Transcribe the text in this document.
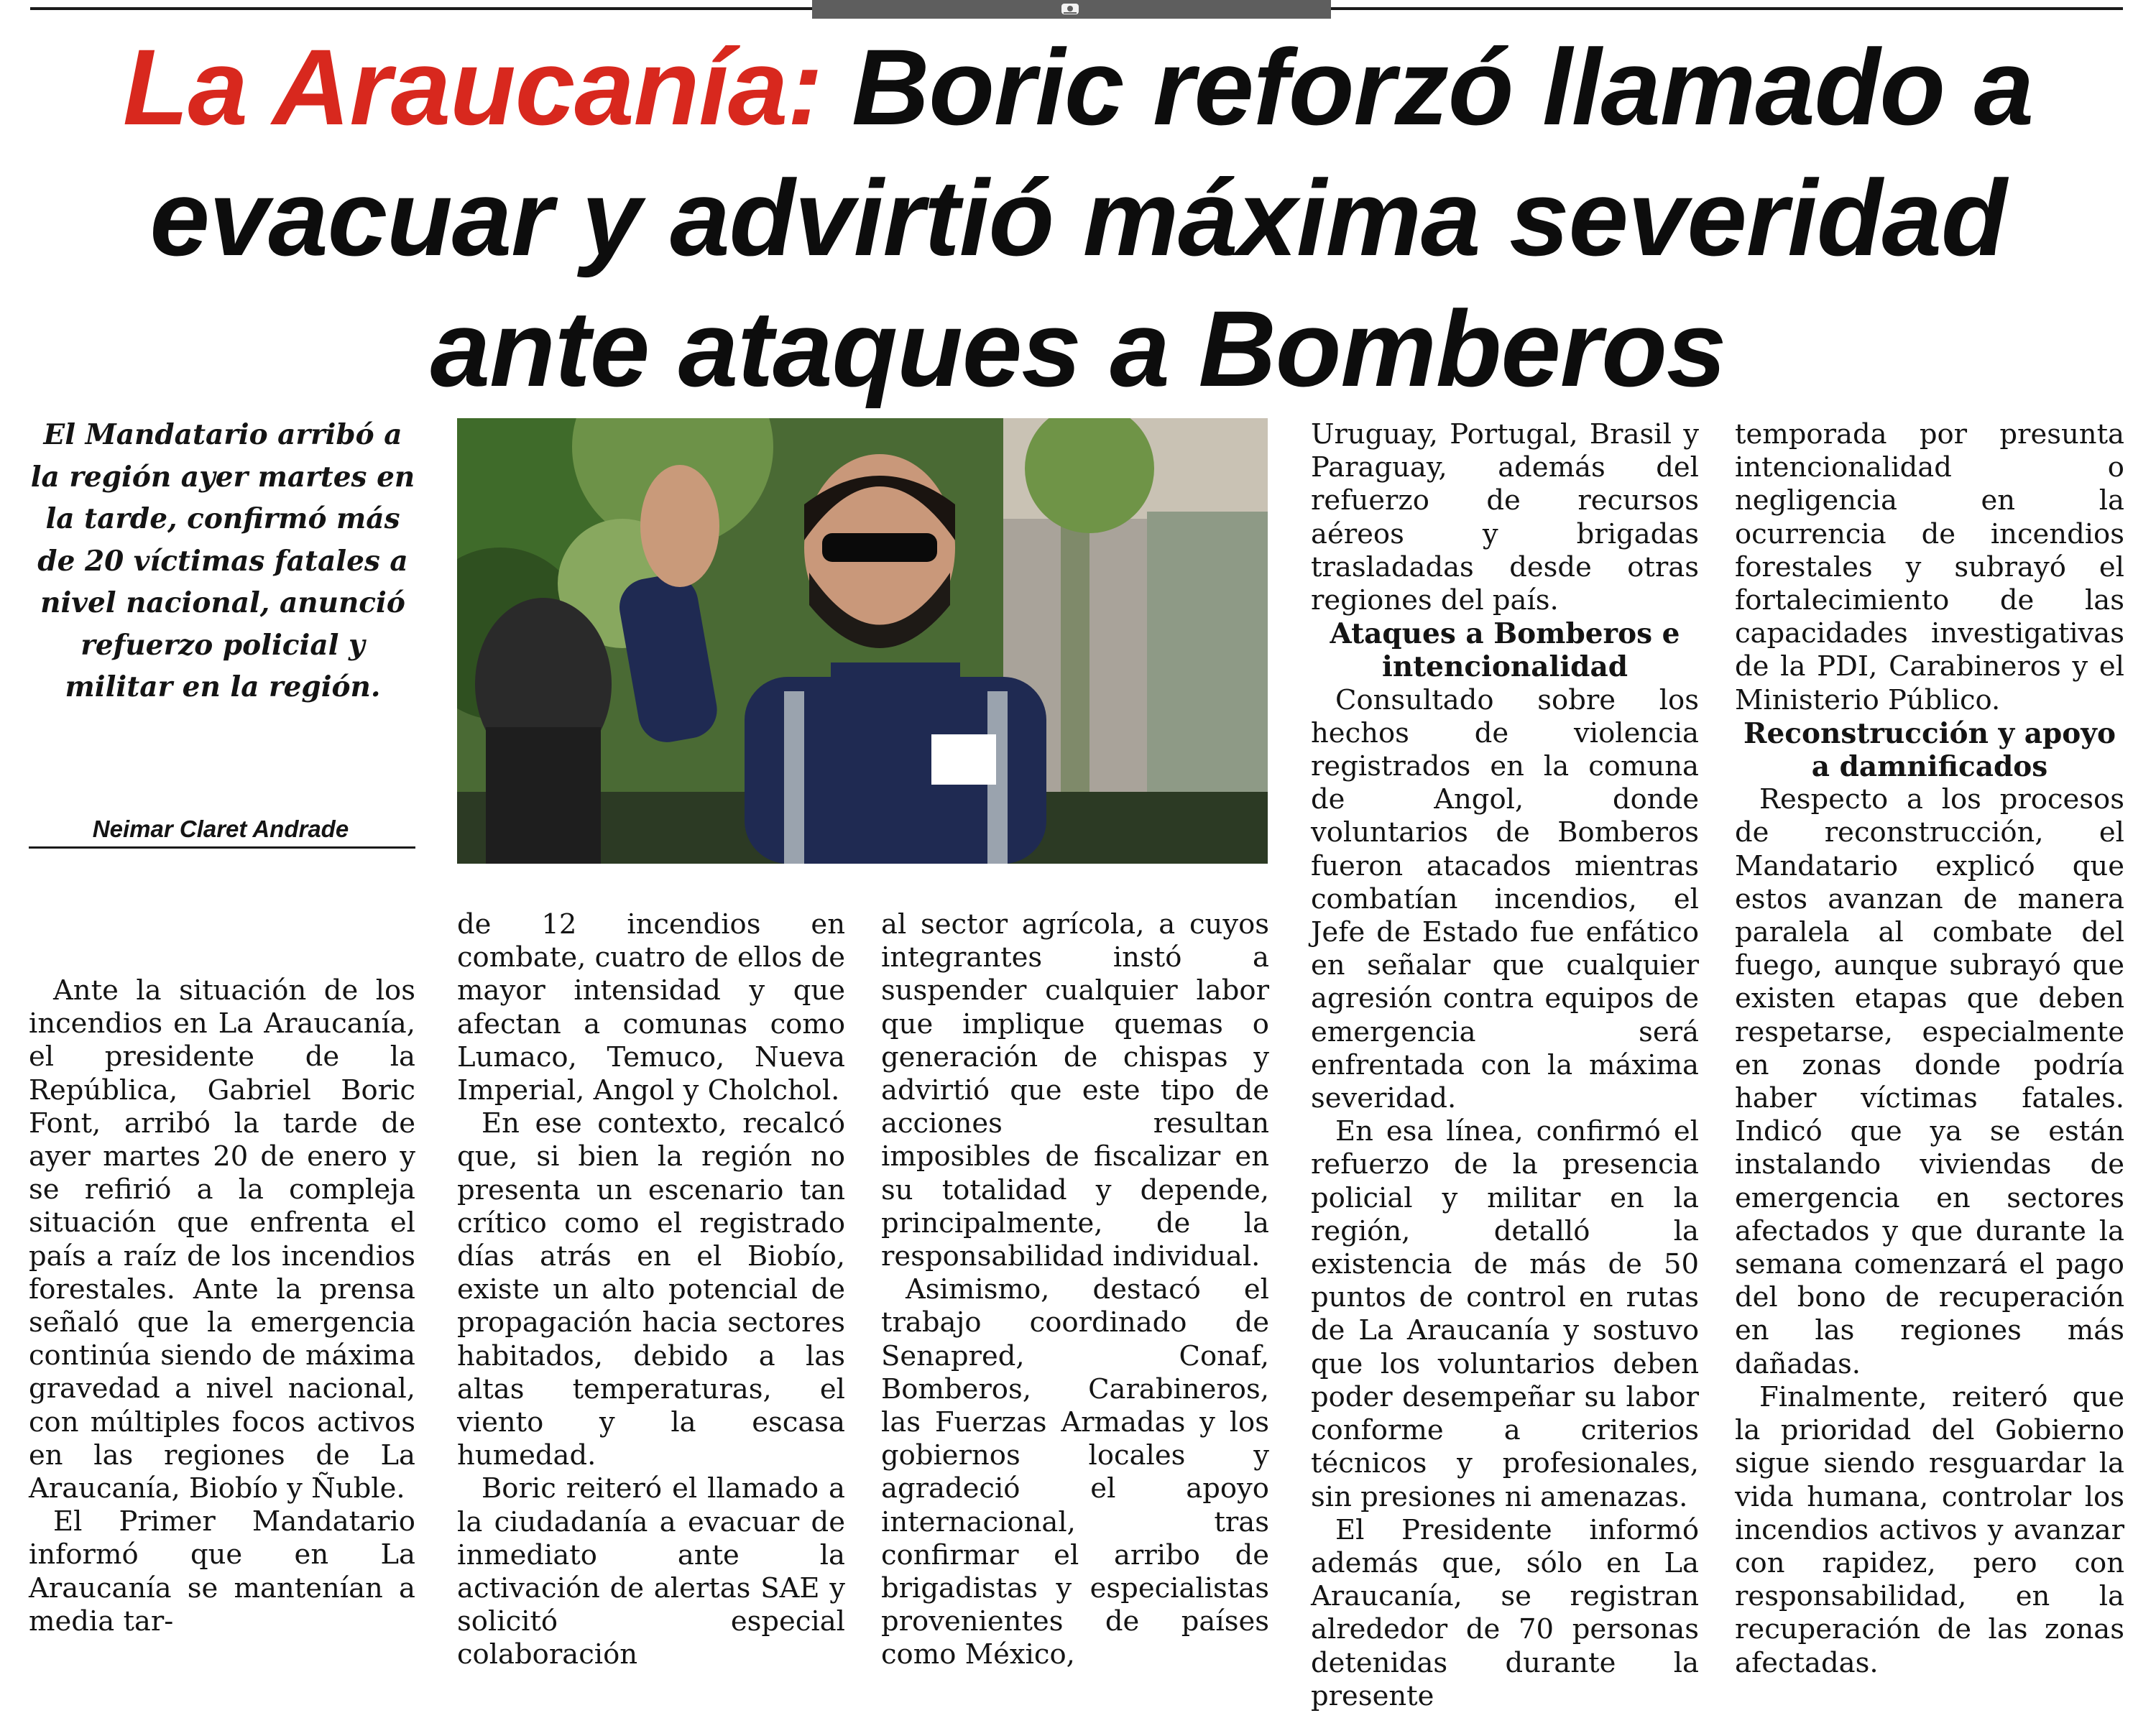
La Araucanía: Boric reforzó llamado a evacuar y advirtió máxima severidad ante ataques a Bomberos

El Mandatario arribó a la región ayer martes en la tarde, confirmó más de 20 víctimas fatales a nivel nacional, anunció refuerzo policial y militar en la región.

Neimar Claret Andrade

Ante la situación de los incendios en La Araucanía, el presidente de la República, Gabriel Boric Font, arribó la tarde de ayer martes 20 de enero y se refirió a la compleja situación que enfrenta el país a raíz de los incendios forestales. Ante la prensa señaló que la emergencia continúa siendo de máxima gravedad a nivel nacional, con múltiples focos activos en las regiones de La Araucanía, Biobío y Ñuble.

El Primer Mandatario informó que en La Araucanía se mantenían a media tar-

de 12 incendios en combate, cuatro de ellos de mayor intensidad y que afectan a comunas como Lumaco, Temuco, Nueva Imperial, Angol y Cholchol.

En ese contexto, recalcó que, si bien la región no presenta un escenario tan crítico como el registrado días atrás en el Biobío, existe un alto potencial de propagación hacia sectores habitados, debido a las altas temperaturas, el viento y la escasa humedad.

Boric reiteró el llamado a la ciudadanía a evacuar de inmediato ante la activación de alertas SAE y solicitó especial colaboración

al sector agrícola, a cuyos integrantes instó a suspender cualquier labor que implique quemas o generación de chispas y advirtió que este tipo de acciones resultan imposibles de fiscalizar en su totalidad y depende, principalmente, de la responsabilidad individual.

Asimismo, destacó el trabajo coordinado de Senapred, Conaf, Bomberos, Carabineros, las Fuerzas Armadas y los gobiernos locales y agradeció el apoyo internacional, tras confirmar el arribo de brigadistas y especialistas provenientes de países como México,

Uruguay, Portugal, Brasil y Paraguay, además del refuerzo de recursos aéreos y brigadas trasladadas desde otras regiones del país.

Ataques a Bomberos e intencionalidad

Consultado sobre los hechos de violencia registrados en la comuna de Angol, donde voluntarios de Bomberos fueron atacados mientras combatían incendios, el Jefe de Estado fue enfático en señalar que cualquier agresión contra equipos de emergencia será enfrentada con la máxima severidad.

En esa línea, confirmó el refuerzo de la presencia policial y militar en la región, detalló la existencia de más de 50 puntos de control en rutas de La Araucanía y sostuvo que los voluntarios deben poder desempeñar su labor conforme a criterios técnicos y profesionales, sin presiones ni amenazas.

El Presidente informó además que, sólo en La Araucanía, se registran alrededor de 70 personas detenidas durante la presente

temporada por presunta intencionalidad o negligencia en la ocurrencia de incendios forestales y subrayó el fortalecimiento de las capacidades investigativas de la PDI, Carabineros y el Ministerio Público.

Reconstrucción y apoyo a damnificados

Respecto a los procesos de reconstrucción, el Mandatario explicó que estos avanzan de manera paralela al combate del fuego, aunque subrayó que existen etapas que deben respetarse, especialmente en zonas donde podría haber víctimas fatales. Indicó que ya se están instalando viviendas de emergencia en sectores afectados y que durante la semana comenzará el pago del bono de recuperación en las regiones más dañadas.

Finalmente, reiteró que la prioridad del Gobierno sigue siendo resguardar la vida humana, controlar los incendios activos y avanzar con rapidez, pero con responsabilidad, en la recuperación de las zonas afectadas.
